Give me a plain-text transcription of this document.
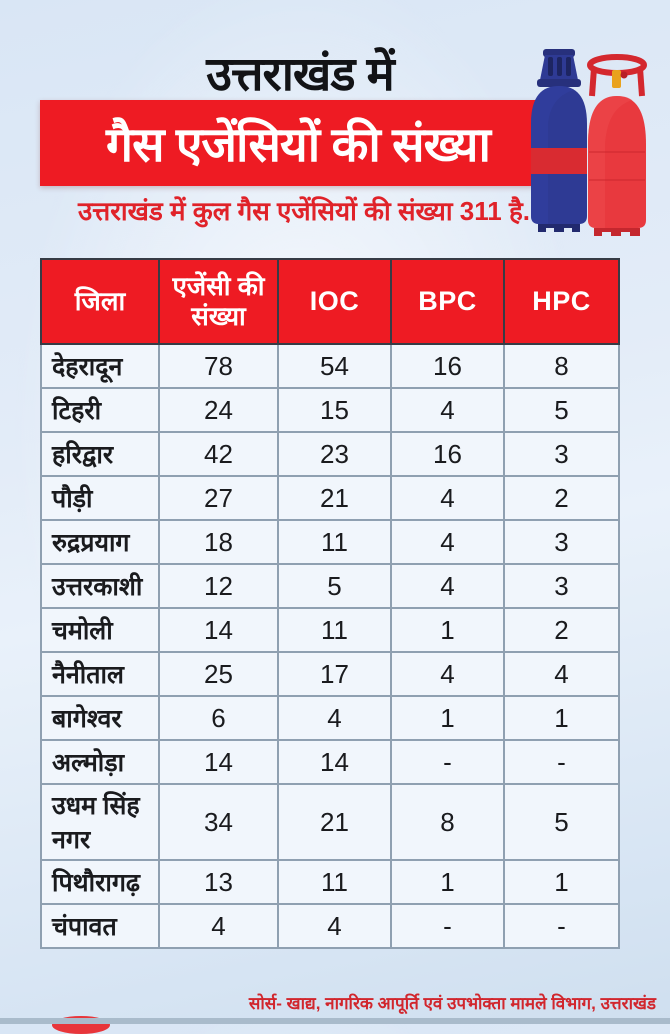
उत्तराखंड में
गैस एजेंसियों की संख्या
उत्तराखंड में कुल गैस एजेंसियों की संख्या 311 है.
जिला	एजेंसी की संख्या	IOC	BPC	HPC
देहरादून	78	54	16	8
टिहरी	24	15	4	5
हरिद्वार	42	23	16	3
पौड़ी	27	21	4	2
रुद्रप्रयाग	18	11	4	3
उत्तरकाशी	12	5	4	3
चमोली	14	11	1	2
नैनीताल	25	17	4	4
बागेश्वर	6	4	1	1
अल्मोड़ा	14	14	-	-
उधम सिंह नगर	34	21	8	5
पिथौरागढ़	13	11	1	1
चंपावत	4	4	-	-
सोर्स- खाद्य, नागरिक आपूर्ति एवं उपभोक्ता मामले विभाग, उत्तराखंड
